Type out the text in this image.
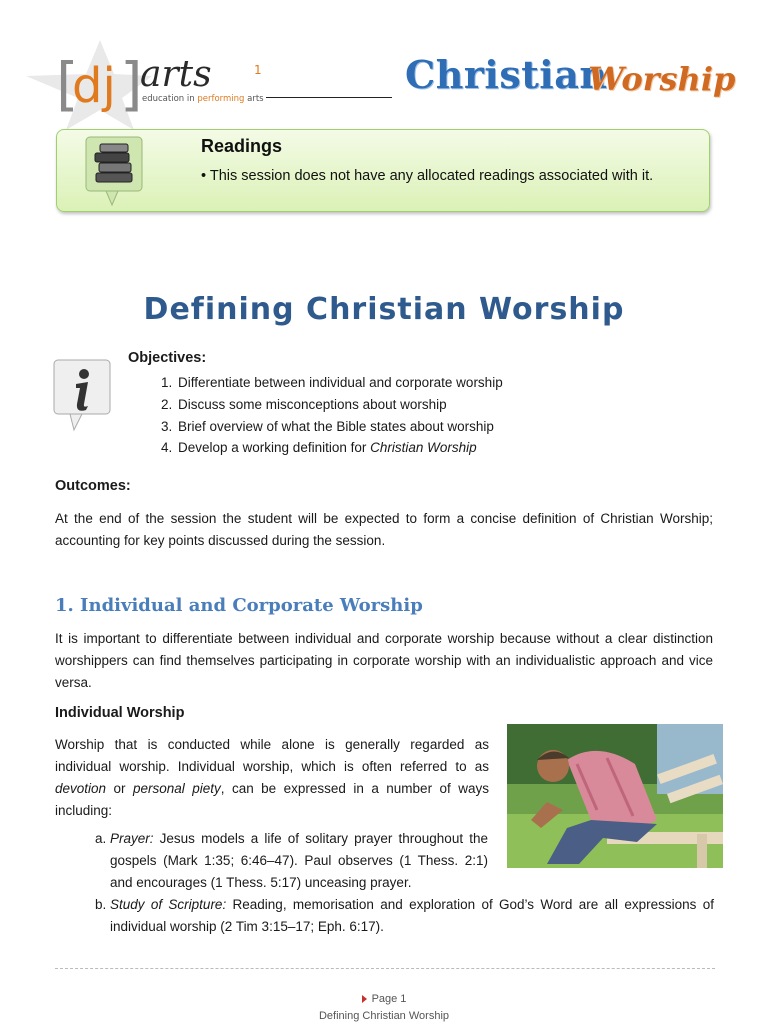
[ ]
dj arts	1
education in performing arts
Christian
Worship
Readings
• This session does not have any allocated readings associated with it.
Defining Christian Worship
Objectives:
1. Differentiate between individual and corporate worship
2. Discuss some misconceptions about worship
3. Brief overview of what the Bible states about worship
4. Develop a working definition for Christian Worship
Outcomes:
At the end of the session the student will be expected to form a concise definition of Christian Worship; accounting for key points discussed during the session.
1. Individual and Corporate Worship
It is important to differentiate between individual and corporate worship because without a clear distinction worshippers can find themselves participating in corporate worship with an individualistic approach and vice versa.
Individual Worship
Worship that is conducted while alone is generally regarded as individual worship. Individual worship, which is often referred to as devotion or personal piety, can be expressed in a number of ways including:
a. Prayer: Jesus models a life of solitary prayer throughout the gospels (Mark 1:35; 6:46–47). Paul observes (1 Thess. 2:1) and encourages (1 Thess. 5:17) unceasing prayer.
b. Study of Scripture: Reading, memorisation and exploration of God’s Word are all expressions of individual worship (2 Tim 3:15–17; Eph. 6:17).
Page 1
Defining Christian Worship
